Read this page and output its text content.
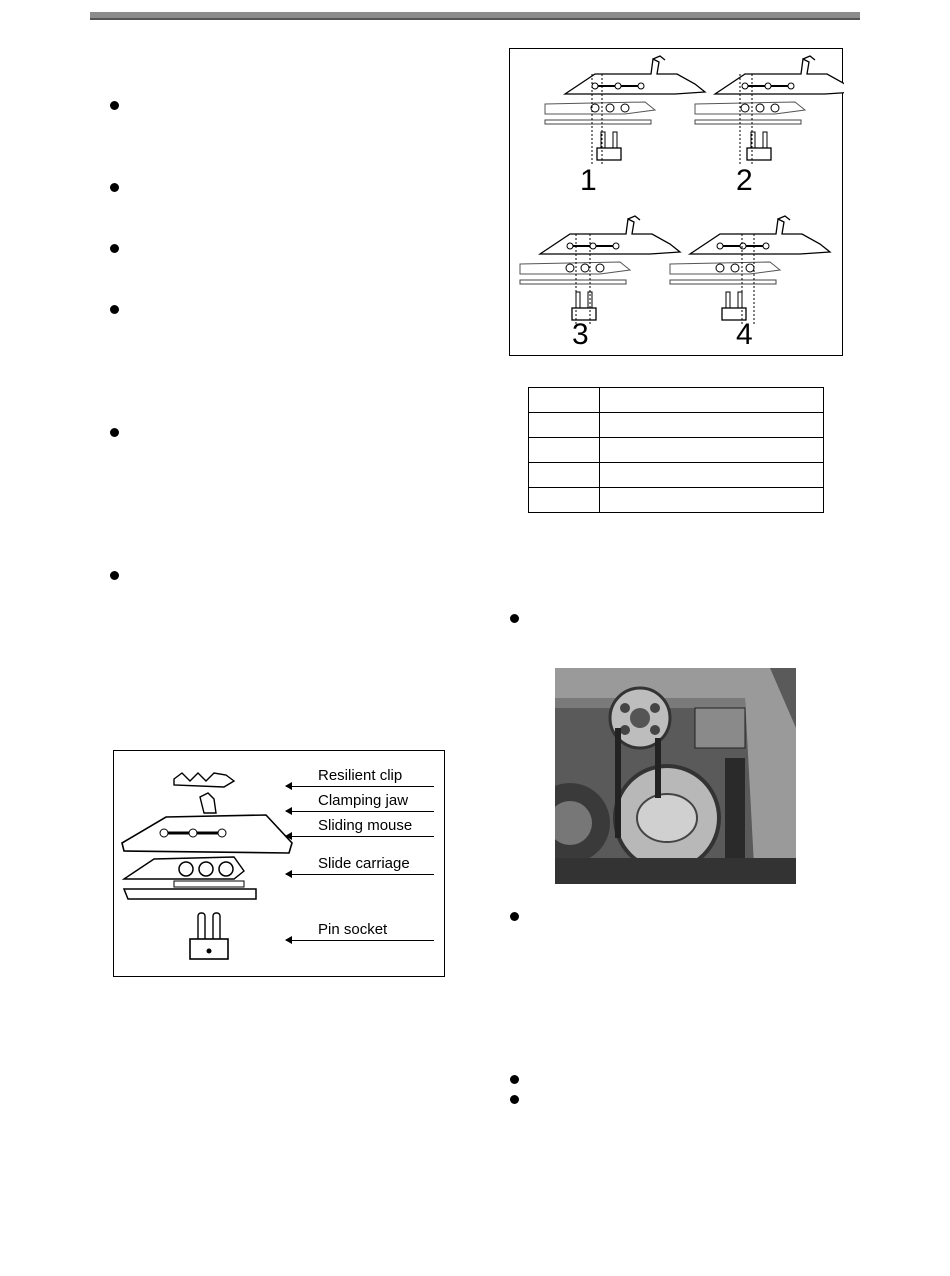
1	2
3	4

Resilient clip
Clamping jaw
Sliding mouse
Slide carriage
Pin socket
